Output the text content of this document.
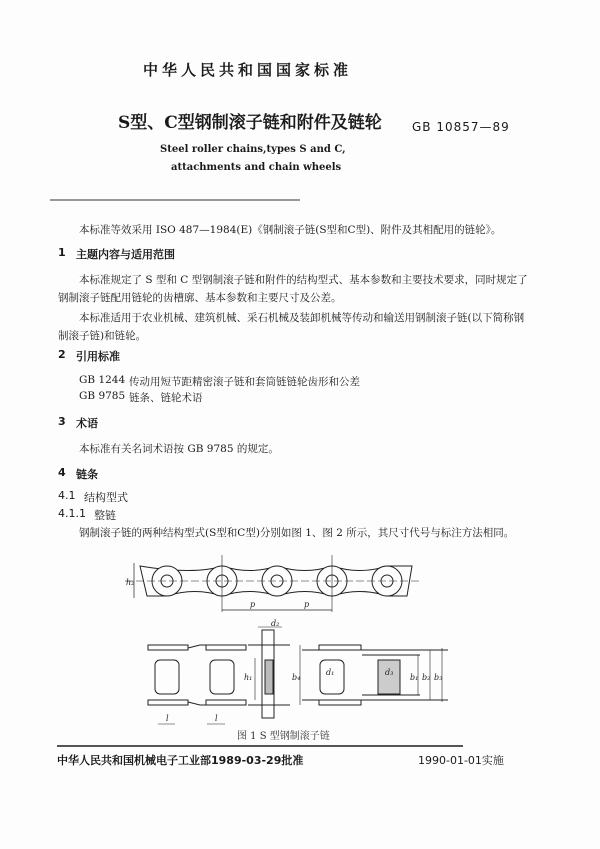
中华人民共和国国家标准
S型、C型钢制滚子链和附件及链轮	GB 10857—89
Steel roller chains,types S and C,
attachments and chain wheels
本标准等效采用 ISO 487—1984(E)《钢制滚子链(S型和C型)、附件及其相配用的链轮》。
1 主题内容与适用范围
本标准规定了 S 型和 C 型钢制滚子链和附件的结构型式、基本参数和主要技术要求，同时规定了
钢制滚子链配用链轮的齿槽廓、基本参数和主要尺寸及公差。
本标准适用于农业机械、建筑机械、采石机械及装卸机械等传动和输送用钢制滚子链(以下简称钢
制滚子链)和链轮。
2 引用标准
GB 1244 传动用短节距精密滚子链和套筒链链轮齿形和公差
GB 9785 链条、链轮术语
3 术语
本标准有关名词术语按 GB 9785 的规定。
4 链条
4.1 结构型式
4.1.1 整链
钢制滚子链的两种结构型式(S型和C型)分别如图 1、图 2 所示，其尺寸代号与标注方法相同。
h₂
p	p
d₂
h₁	b₄
d₁	d₃
b₁ b₂ b₃
l	l
图 1 S 型钢制滚子链
中华人民共和国机械电子工业部1989-03-29批准	1990-01-01实施
